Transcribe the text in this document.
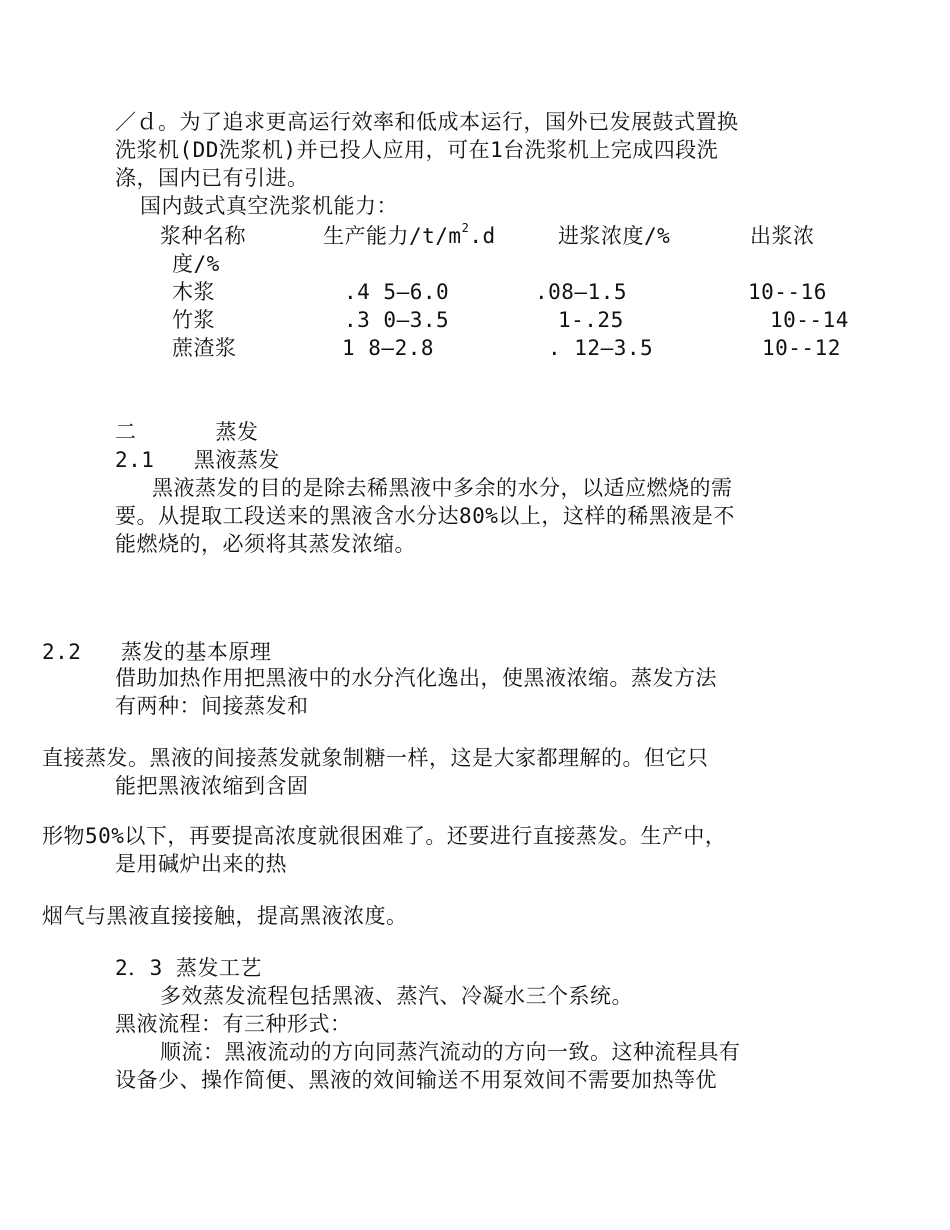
／ｄ。为了追求更高运行效率和低成本运行，国外已发展鼓式置换
洗浆机(DD洗浆机)并已投人应用，可在1台洗浆机上完成四段洗
涤，国内已有引进。
国内鼓式真空洗浆机能力：
浆种名称	生产能力$/t/m^2.d$	进浆浓度/%	出浆浓
度/%
木浆	.4 5—6.0	.08—1.5	10--16
竹浆	.3 0—3.5	1-.25	10--14
蔗渣浆	1 8—2.8	. 12—3.5	10--12
二      蒸发
2.1   黑液蒸发
黑液蒸发的目的是除去稀黑液中多余的水分，以适应燃烧的需
要。从提取工段送来的黑液含水分达80%以上，这样的稀黑液是不
能燃烧的，必须将其蒸发浓缩。
2.2   蒸发的基本原理
借助加热作用把黑液中的水分汽化逸出，使黑液浓缩。蒸发方法
有两种：间接蒸发和
直接蒸发。黑液的间接蒸发就象制糖一样，这是大家都理解的。但它只
能把黑液浓缩到含固
形物50%以下，再要提高浓度就很困难了。还要进行直接蒸发。生产中，
是用碱炉出来的热
烟气与黑液直接接触，提高黑液浓度。
2．3 蒸发工艺
多效蒸发流程包括黑液、蒸汽、冷凝水三个系统。
黑液流程：有三种形式：
顺流：黑液流动的方向同蒸汽流动的方向一致。这种流程具有
设备少、操作简便、黑液的效间输送不用泵效间不需要加热等优
